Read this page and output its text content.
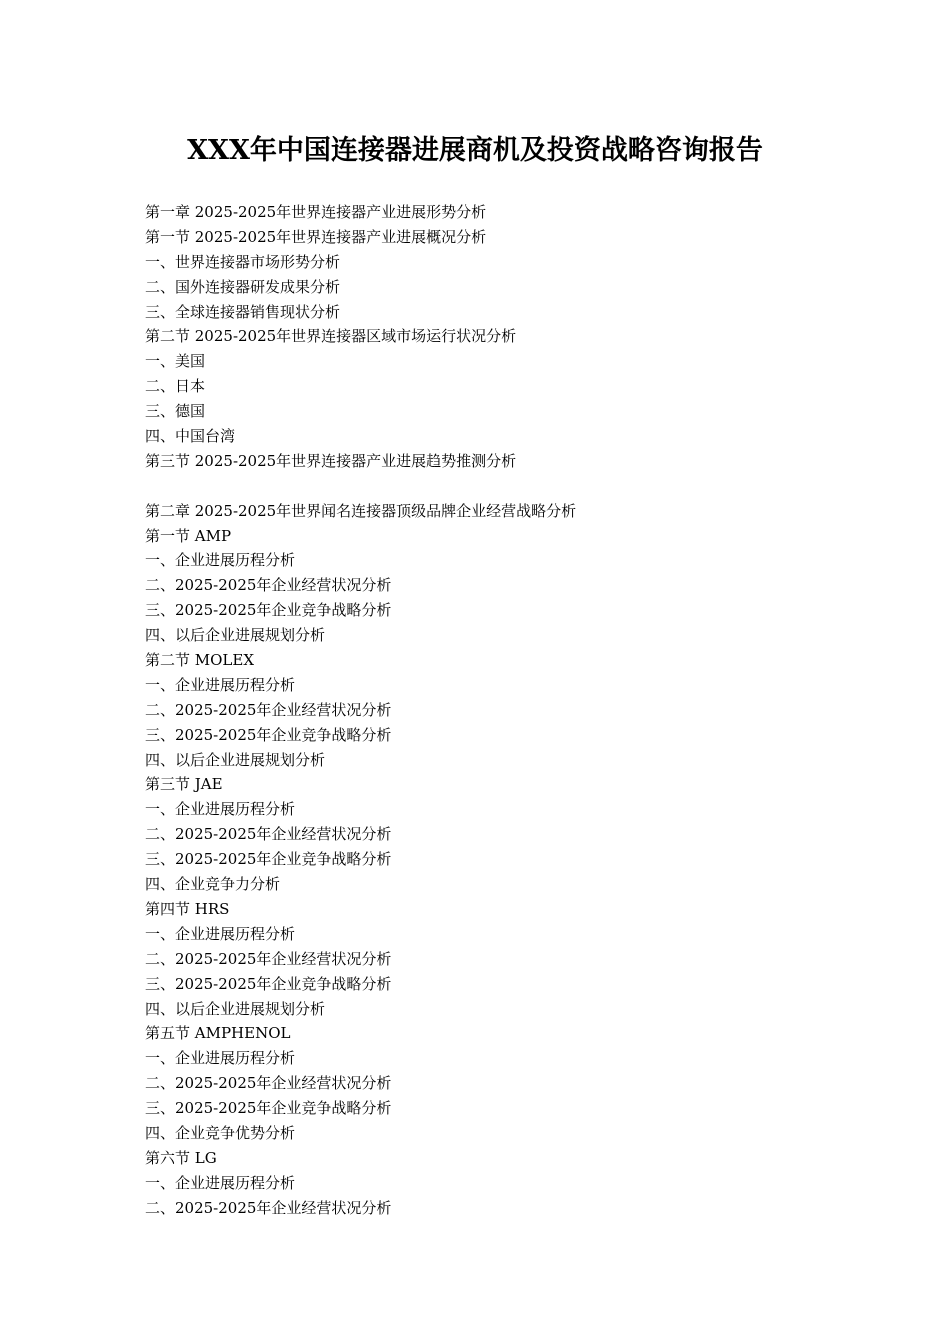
XXX年中国连接器进展商机及投资战略咨询报告
第一章 2025-2025年世界连接器产业进展形势分析
第一节 2025-2025年世界连接器产业进展概况分析
一、世界连接器市场形势分析
二、国外连接器研发成果分析
三、全球连接器销售现状分析
第二节 2025-2025年世界连接器区域市场运行状况分析
一、美国
二、日本
三、德国
四、中国台湾
第三节 2025-2025年世界连接器产业进展趋势推测分析
第二章 2025-2025年世界闻名连接器顶级品牌企业经营战略分析
第一节 AMP
一、企业进展历程分析
二、2025-2025年企业经营状况分析
三、2025-2025年企业竞争战略分析
四、以后企业进展规划分析
第二节 MOLEX
一、企业进展历程分析
二、2025-2025年企业经营状况分析
三、2025-2025年企业竞争战略分析
四、以后企业进展规划分析
第三节 JAE
一、企业进展历程分析
二、2025-2025年企业经营状况分析
三、2025-2025年企业竞争战略分析
四、企业竞争力分析
第四节 HRS
一、企业进展历程分析
二、2025-2025年企业经营状况分析
三、2025-2025年企业竞争战略分析
四、以后企业进展规划分析
第五节 AMPHENOL
一、企业进展历程分析
二、2025-2025年企业经营状况分析
三、2025-2025年企业竞争战略分析
四、企业竞争优势分析
第六节 LG
一、企业进展历程分析
二、2025-2025年企业经营状况分析
